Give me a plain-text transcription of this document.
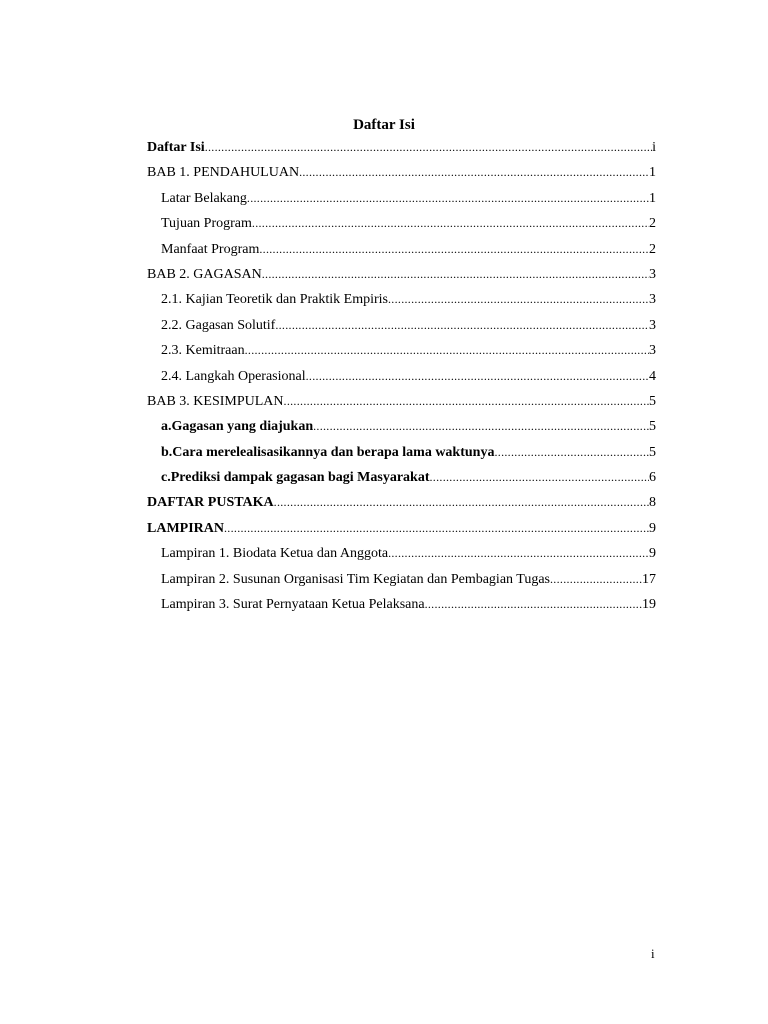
Daftar Isi
Daftar Isi .....	i
BAB 1. PENDAHULUAN .....	1
Latar Belakang .....	1
Tujuan Program .....	2
Manfaat Program .....	2
BAB 2. GAGASAN .....	3
2.1. Kajian Teoretik dan Praktik Empiris .....	3
2.2. Gagasan Solutif .....	3
2.3. Kemitraan .....	3
2.4. Langkah Operasional .....	4
BAB 3. KESIMPULAN .....	5
a. Gagasan yang diajukan .....	5
b. Cara merelealisasikannya dan berapa lama waktunya .....	5
c. Prediksi dampak gagasan bagi Masyarakat .....	6
DAFTAR PUSTAKA .....	8
LAMPIRAN .....	9
Lampiran 1. Biodata Ketua dan Anggota .....	9
Lampiran 2. Susunan Organisasi Tim Kegiatan dan Pembagian Tugas .....	17
Lampiran 3. Surat Pernyataan Ketua Pelaksana .....	19
i
